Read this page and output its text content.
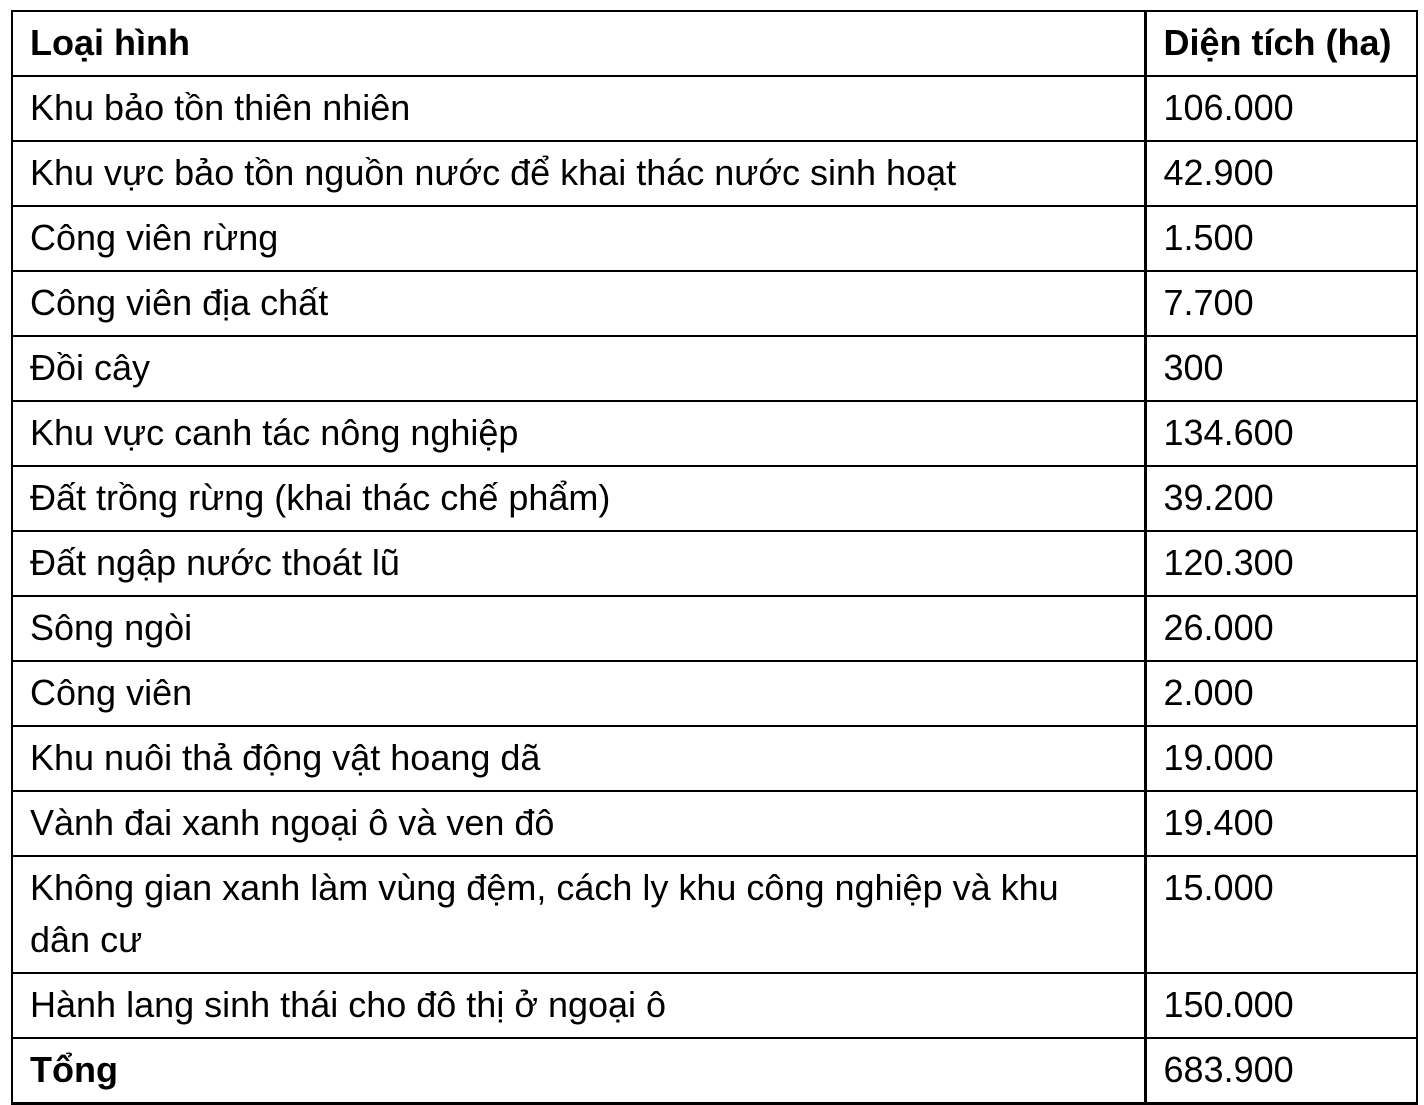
Loại hình	Diện tích (ha)
Khu bảo tồn thiên nhiên	106.000
Khu vực bảo tồn nguồn nước để khai thác nước sinh hoạt	42.900
Công viên rừng	1.500
Công viên địa chất	7.700
Đồi cây	300
Khu vực canh tác nông nghiệp	134.600
Đất trồng rừng (khai thác chế phẩm)	39.200
Đất ngập nước thoát lũ	120.300
Sông ngòi	26.000
Công viên	2.000
Khu nuôi thả động vật hoang dã	19.000
Vành đai xanh ngoại ô và ven đô	19.400
Không gian xanh làm vùng đệm, cách ly khu công nghiệp và khu dân cư	15.000
Hành lang sinh thái cho đô thị ở ngoại ô	150.000
Tổng	683.900
